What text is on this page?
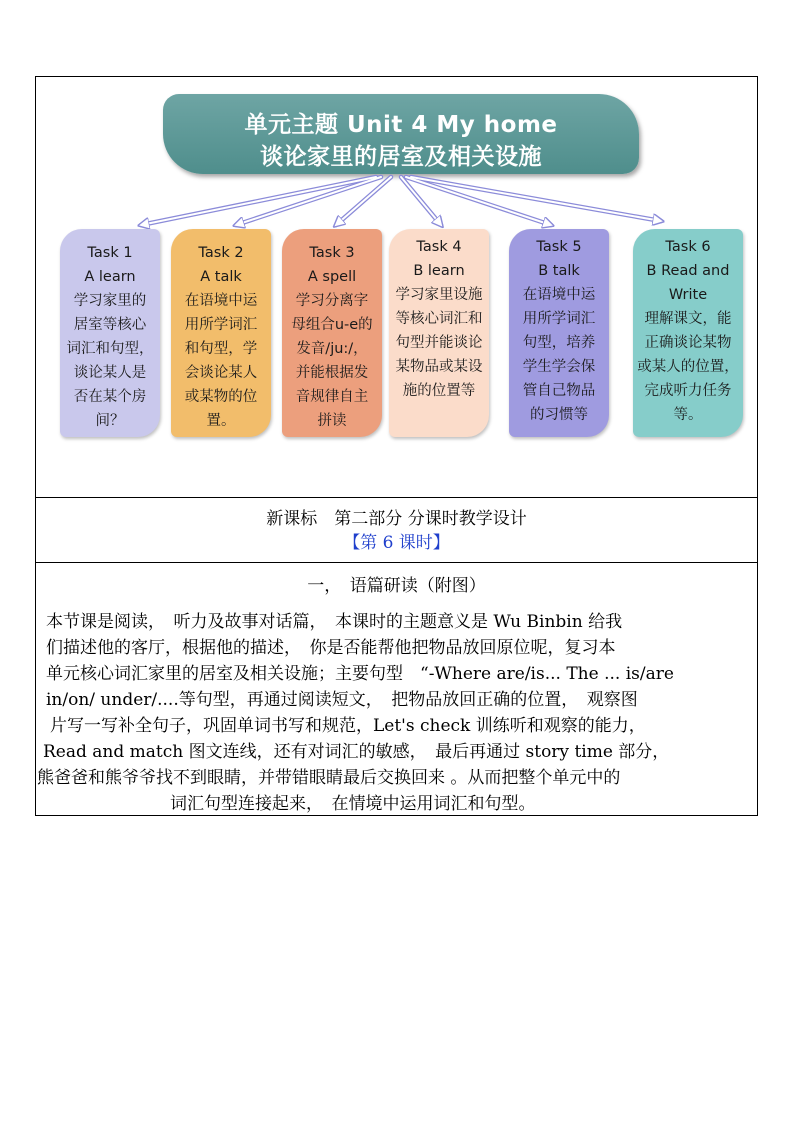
单元主题 Unit 4 My home
谈论家里的居室及相关设施
Task 1
A learn
学习家里的
居室等核心
词汇和句型，
谈论某人是
否在某个房
间？
Task 2
A talk
在语境中运
用所学词汇
和句型，学
会谈论某人
或某物的位
置。
Task 3
A spell
学习分离字
母组合u-e的
发音/ju:/，
并能根据发
音规律自主
拼读
Task 4
B learn
学习家里设施
等核心词汇和
句型并能谈论
某物品或某设
施的位置等
Task 5
B talk
在语境中运
用所学词汇
句型，培养
学生学会保
管自己物品
的习惯等
Task 6
B Read and
Write
理解课文，能
正确谈论某物
或某人的位置，
完成听力任务
等。
新课标　第二部分 分课时教学设计
【第 6 课时】
一，　语篇研读（附图）
本节课是阅读，　听力及故事对话篇，　本课时的主题意义是 Wu Binbin 给我
们描述他的客厅，根据他的描述，　你是否能帮他把物品放回原位呢，复习本
单元核心词汇家里的居室及相关设施；主要句型　“-Where are/is... The ... is/are
in/on/ under/....等句型，再通过阅读短文，　把物品放回正确的位置，　观察图
片写一写补全句子，巩固单词书写和规范，Let's check 训练听和观察的能力，
Read and match 图文连线，还有对词汇的敏感，　最后再通过 story time 部分，
熊爸爸和熊爷爷找不到眼睛，并带错眼睛最后交换回来 。从而把整个单元中的
词汇句型连接起来，　在情境中运用词汇和句型。
